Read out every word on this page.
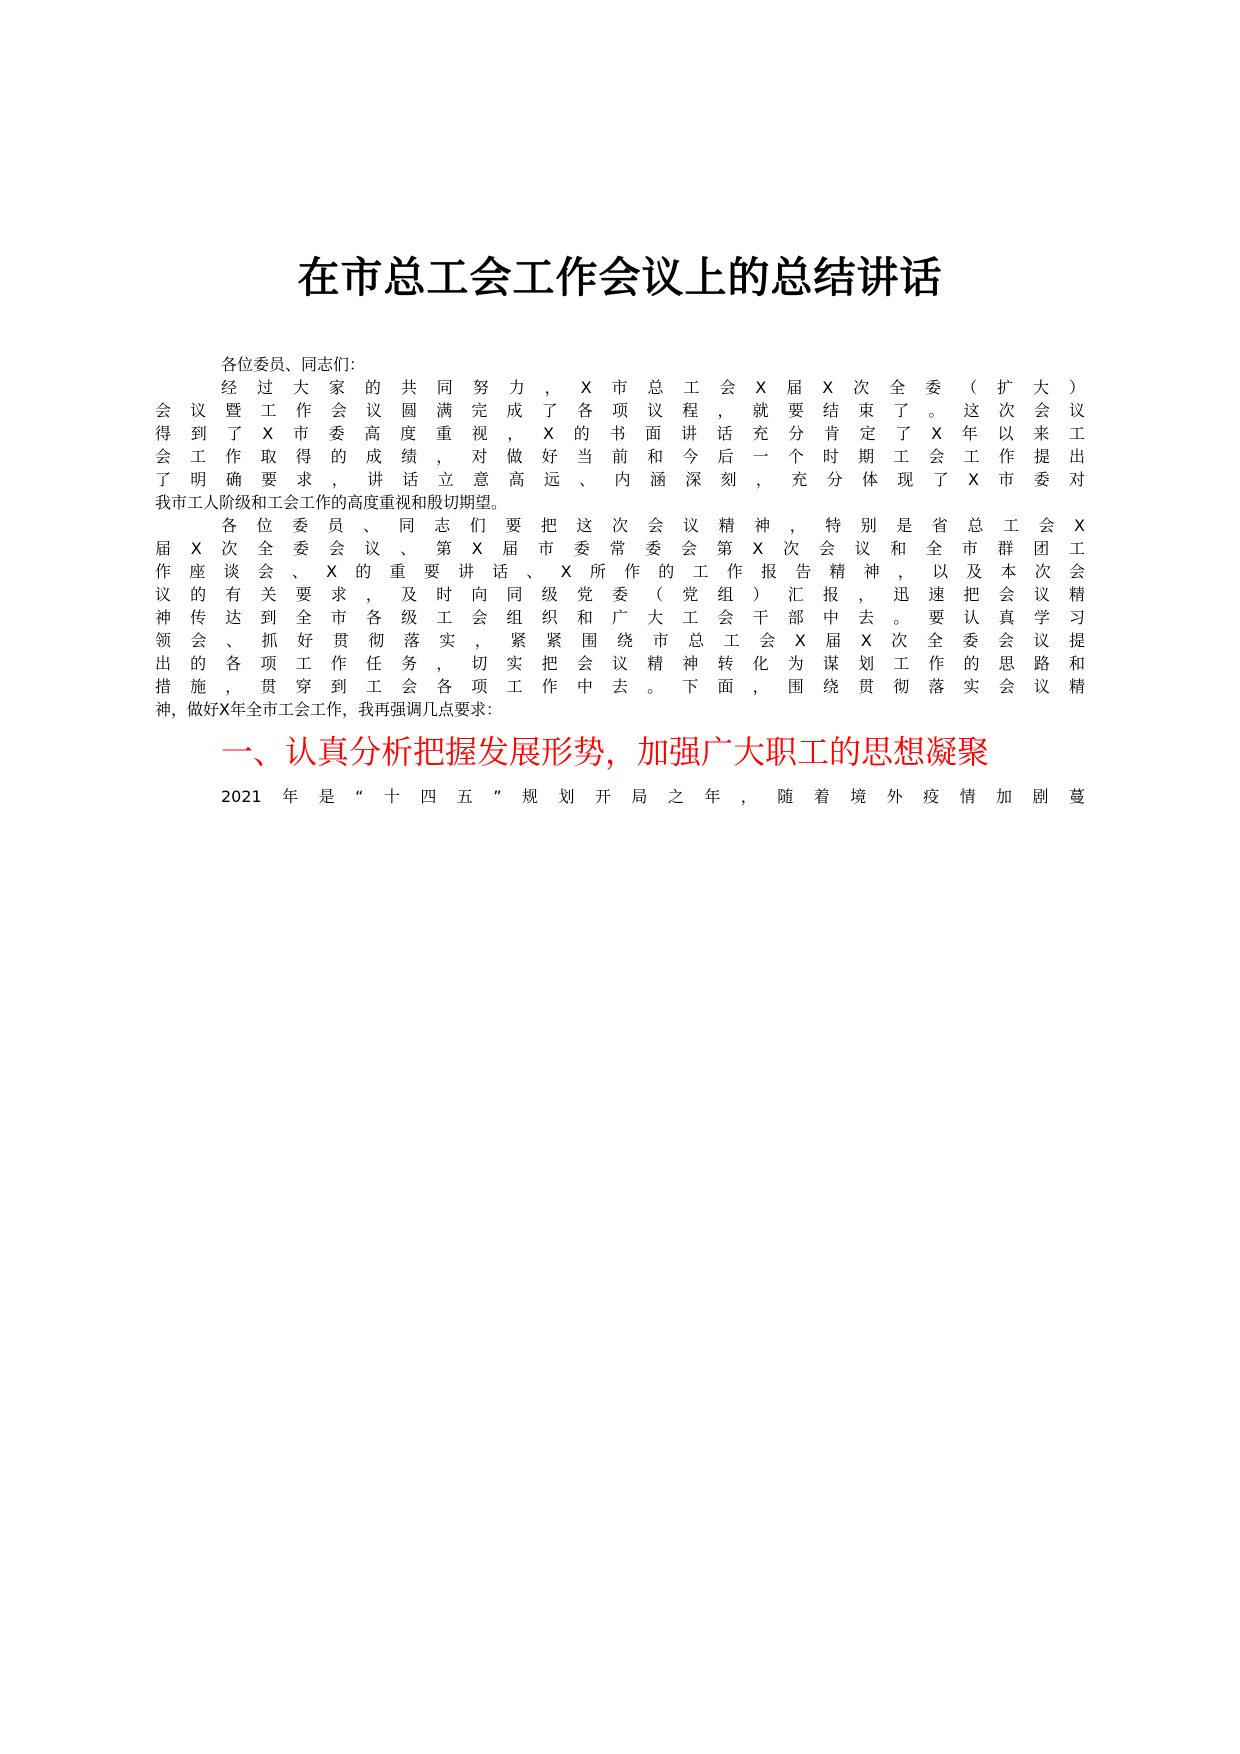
在市总工会工作会议上的总结讲话
各位委员、同志们：
经过大家的共同努力，X市总工会X届X次全委（扩大）
会议暨工作会议圆满完成了各项议程，就要结束了。这次会议
得到了X市委高度重视，X的书面讲话充分肯定了X年以来工
会工作取得的成绩，对做好当前和今后一个时期工会工作提出
了明确要求，讲话立意高远、内涵深刻，充分体现了X市委对
我市工人阶级和工会工作的高度重视和殷切期望。
各位委员、同志们要把这次会议精神，特别是省总工会X
届X次全委会议、第X届市委常委会第X次会议和全市群团工
作座谈会、X的重要讲话、X所作的工作报告精神，以及本次会
议的有关要求，及时向同级党委（党组）汇报，迅速把会议精
神传达到全市各级工会组织和广大工会干部中去。要认真学习
领会、抓好贯彻落实，紧紧围绕市总工会X届X次全委会议提
出的各项工作任务，切实把会议精神转化为谋划工作的思路和
措施，贯穿到工会各项工作中去。下面，围绕贯彻落实会议精
神，做好X年全市工会工作，我再强调几点要求：
一、认真分析把握发展形势，加强广大职工的思想凝聚
2021年是“十四五”规划开局之年，随着境外疫情加剧蔓
